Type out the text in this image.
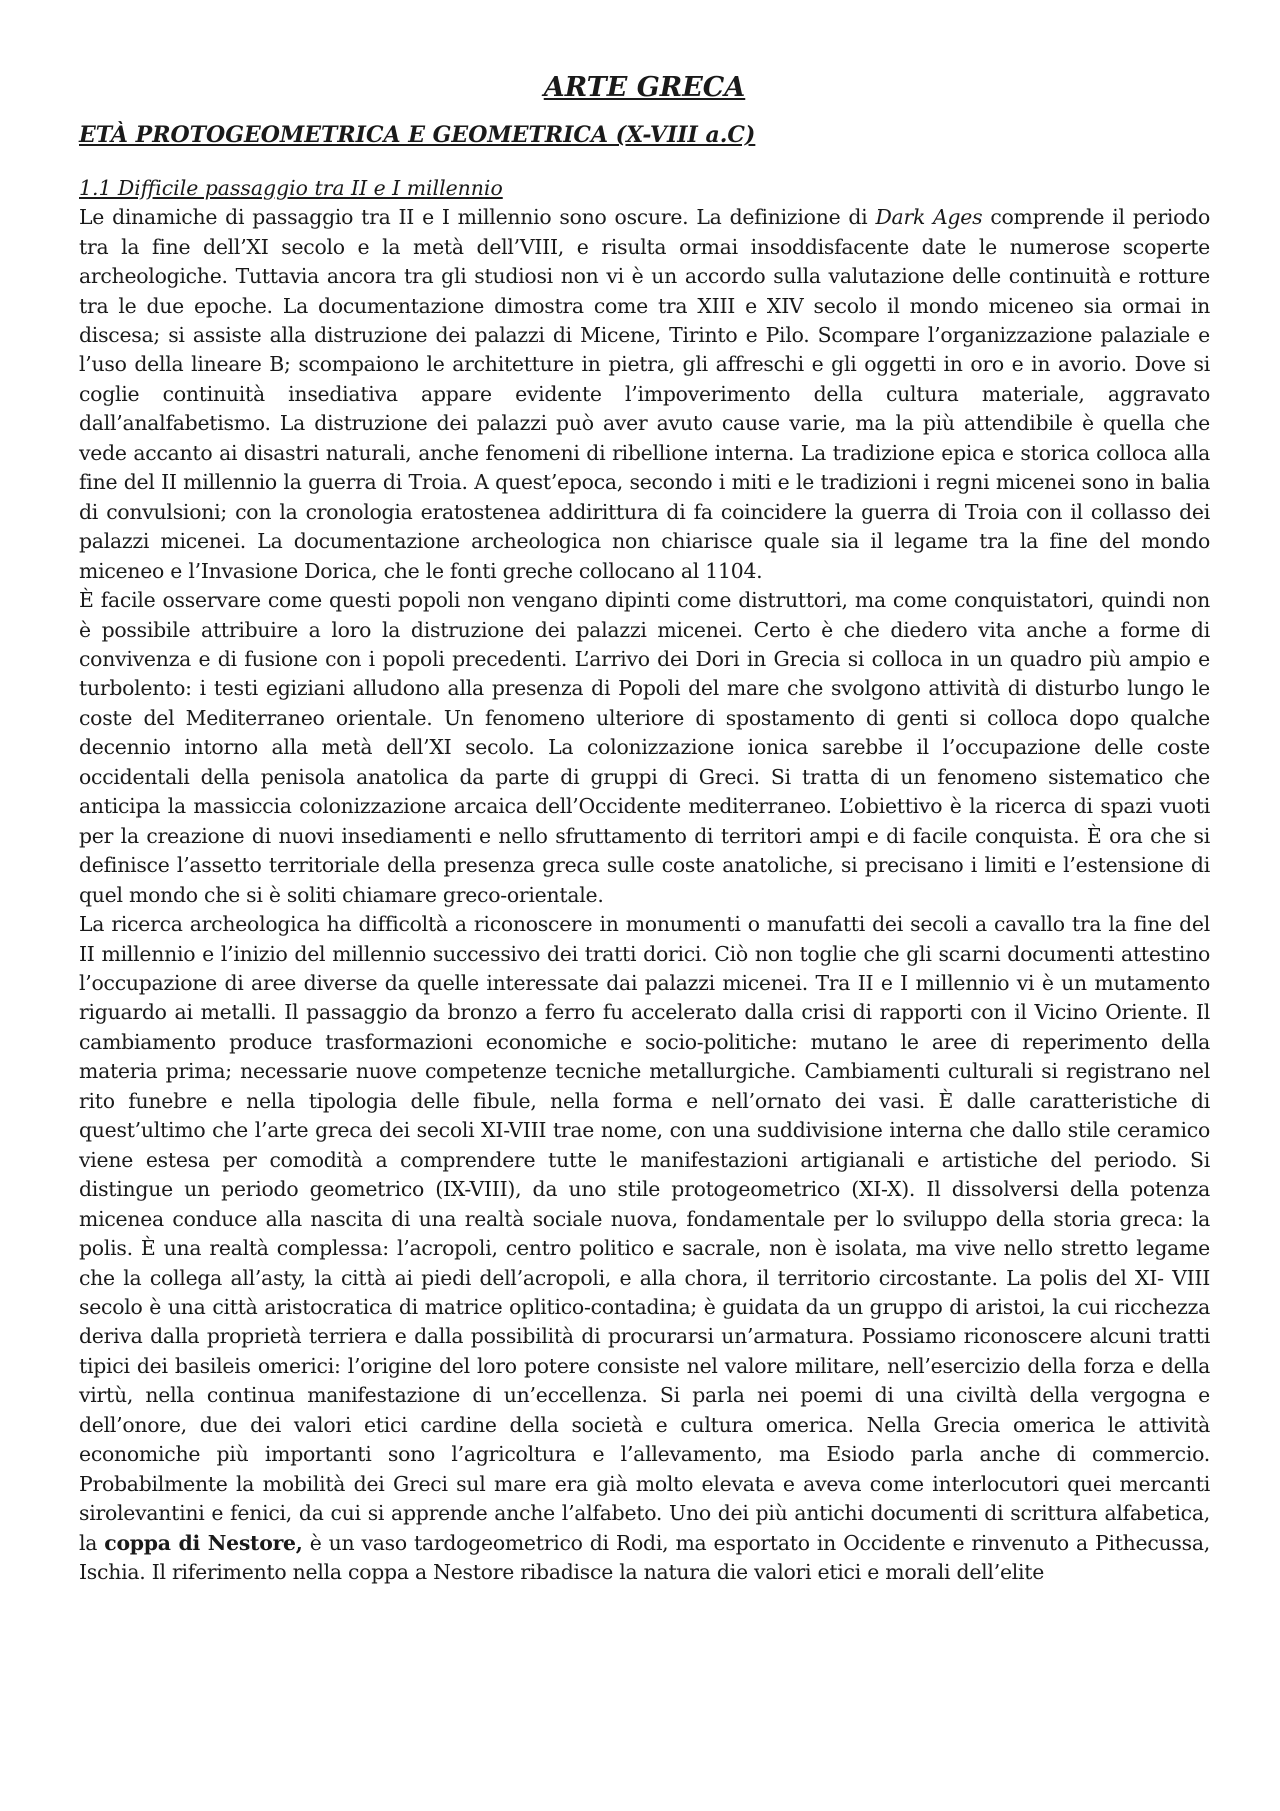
ARTE GRECA
ETÀ PROTOGEOMETRICA E GEOMETRICA (X-VIII a.C)
1.1 Difficile passaggio tra II e I millennio

Le dinamiche di passaggio tra II e I millennio sono oscure. La definizione di Dark Ages comprende il periodo tra la fine dell’XI secolo e la metà dell’VIII, e risulta ormai insoddisfacente date le numerose scoperte archeologiche. Tuttavia ancora tra gli studiosi non vi è un accordo sulla valutazione delle continuità e rotture tra le due epoche. La documentazione dimostra come tra XIII e XIV secolo il mondo miceneo sia ormai in discesa; si assiste alla distruzione dei palazzi di Micene, Tirinto e Pilo. Scompare l’organizzazione palaziale e l’uso della lineare B; scompaiono le architetture in pietra, gli affreschi e gli oggetti in oro e in avorio. Dove si coglie continuità insediativa appare evidente l’impoverimento della cultura materiale, aggravato dall’analfabetismo. La distruzione dei palazzi può aver avuto cause varie, ma la più attendibile è quella che vede accanto ai disastri naturali, anche fenomeni di ribellione interna. La tradizione epica e storica colloca alla fine del II millennio la guerra di Troia. A quest’epoca, secondo i miti e le tradizioni i regni micenei sono in balia di convulsioni; con la cronologia eratostenea addirittura di fa coincidere la guerra di Troia con il collasso dei palazzi micenei. La documentazione archeologica non chiarisce quale sia il legame tra la fine del mondo miceneo e l’Invasione Dorica, che le fonti greche collocano al 1104.

È facile osservare come questi popoli non vengano dipinti come distruttori, ma come conquistatori, quindi non è possibile attribuire a loro la distruzione dei palazzi micenei. Certo è che diedero vita anche a forme di convivenza e di fusione con i popoli precedenti. L’arrivo dei Dori in Grecia si colloca in un quadro più ampio e turbolento: i testi egiziani alludono alla presenza di Popoli del mare che svolgono attività di disturbo lungo le coste del Mediterraneo orientale. Un fenomeno ulteriore di spostamento di genti si colloca dopo qualche decennio intorno alla metà dell’XI secolo. La colonizzazione ionica sarebbe il l’occupazione delle coste occidentali della penisola anatolica da parte di gruppi di Greci. Si tratta di un fenomeno sistematico che anticipa la massiccia colonizzazione arcaica dell’Occidente mediterraneo. L’obiettivo è la ricerca di spazi vuoti per la creazione di nuovi insediamenti e nello sfruttamento di territori ampi e di facile conquista. È ora che si definisce l’assetto territoriale della presenza greca sulle coste anatoliche, si precisano i limiti e l’estensione di quel mondo che si è soliti chiamare greco-orientale.

La ricerca archeologica ha difficoltà a riconoscere in monumenti o manufatti dei secoli a cavallo tra la fine del II millennio e l’inizio del millennio successivo dei tratti dorici. Ciò non toglie che gli scarni documenti attestino l’occupazione di aree diverse da quelle interessate dai palazzi micenei. Tra II e I millennio vi è un mutamento riguardo ai metalli. Il passaggio da bronzo a ferro fu accelerato dalla crisi di rapporti con il Vicino Oriente. Il cambiamento produce trasformazioni economiche e socio-politiche: mutano le aree di reperimento della materia prima; necessarie nuove competenze tecniche metallurgiche. Cambiamenti culturali si registrano nel rito funebre e nella tipologia delle fibule, nella forma e nell’ornato dei vasi. È dalle caratteristiche di quest’ultimo che l’arte greca dei secoli XI-VIII trae nome, con una suddivisione interna che dallo stile ceramico viene estesa per comodità a comprendere tutte le manifestazioni artigianali e artistiche del periodo. Si distingue un periodo geometrico (IX-VIII), da uno stile protogeometrico (XI-X). Il dissolversi della potenza micenea conduce alla nascita di una realtà sociale nuova, fondamentale per lo sviluppo della storia greca: la polis. È una realtà complessa: l’acropoli, centro politico e sacrale, non è isolata, ma vive nello stretto legame che la collega all’asty, la città ai piedi dell’acropoli, e alla chora, il territorio circostante. La polis del XI- VIII secolo è una città aristocratica di matrice oplitico-contadina; è guidata da un gruppo di aristoi, la cui ricchezza deriva dalla proprietà terriera e dalla possibilità di procurarsi un’armatura. Possiamo riconoscere alcuni tratti tipici dei basileis omerici: l’origine del loro potere consiste nel valore militare, nell’esercizio della forza e della virtù, nella continua manifestazione di un’eccellenza. Si parla nei poemi di una civiltà della vergogna e dell’onore, due dei valori etici cardine della società e cultura omerica. Nella Grecia omerica le attività economiche più importanti sono l’agricoltura e l’allevamento, ma Esiodo parla anche di commercio. Probabilmente la mobilità dei Greci sul mare era già molto elevata e aveva come interlocutori quei mercanti sirolevantini e fenici, da cui si apprende anche l’alfabeto. Uno dei più antichi documenti di scrittura alfabetica, la coppa di Nestore, è un vaso tardogeometrico di Rodi, ma esportato in Occidente e rinvenuto a Pithecussa, Ischia. Il riferimento nella coppa a Nestore ribadisce la natura die valori etici e morali dell’elite
